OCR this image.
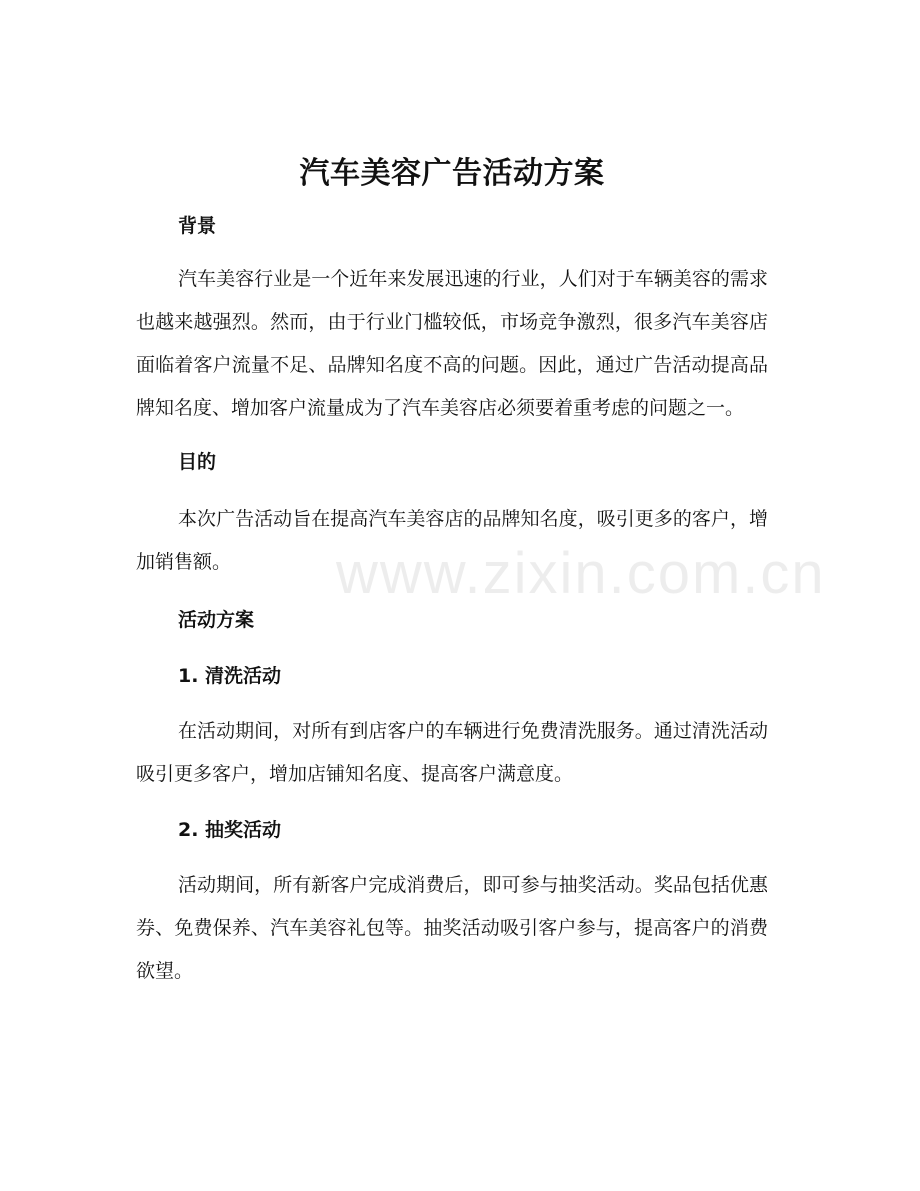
www.zixin.com.cn
汽车美容广告活动方案
背景

汽车美容行业是一个近年来发展迅速的行业，人们对于车辆美容的需求也越来越强烈。然而，由于行业门槛较低，市场竞争激烈，很多汽车美容店面临着客户流量不足、品牌知名度不高的问题。因此，通过广告活动提高品牌知名度、增加客户流量成为了汽车美容店必须要着重考虑的问题之一。

目的

本次广告活动旨在提高汽车美容店的品牌知名度，吸引更多的客户，增加销售额。

活动方案
1. 清洗活动

在活动期间，对所有到店客户的车辆进行免费清洗服务。通过清洗活动吸引更多客户，增加店铺知名度、提高客户满意度。

2. 抽奖活动

活动期间，所有新客户完成消费后，即可参与抽奖活动。奖品包括优惠券、免费保养、汽车美容礼包等。抽奖活动吸引客户参与，提高客户的消费欲望。
